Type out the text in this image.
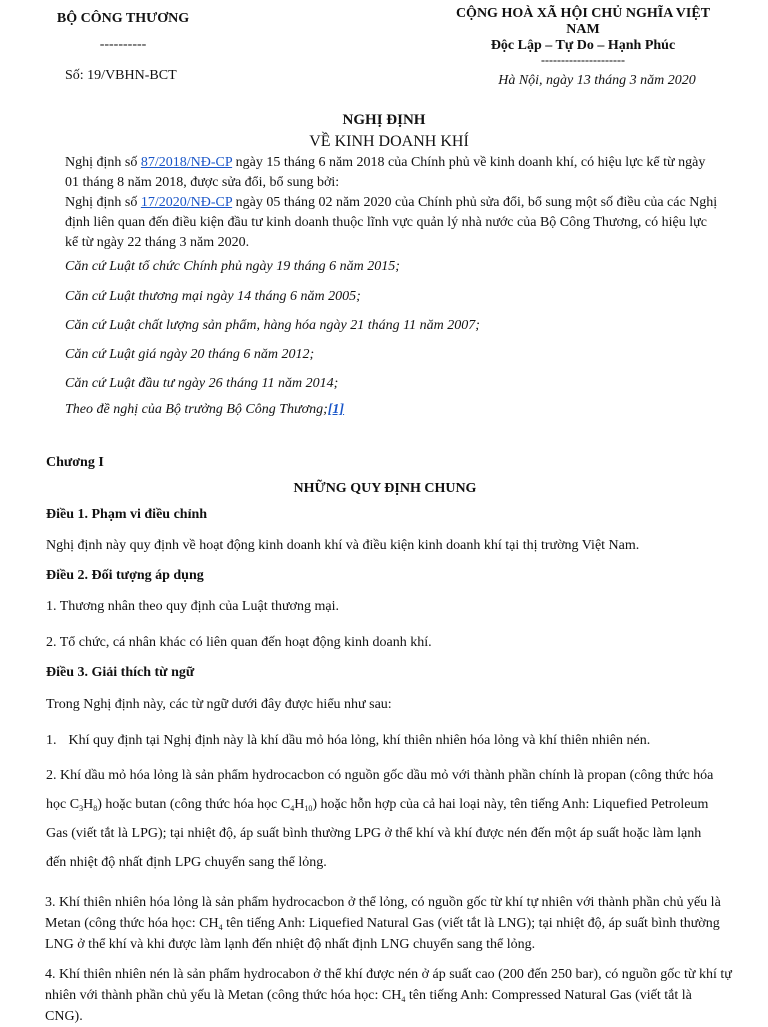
BỘ CÔNG THƯƠNG
----------
Số: 19/VBHN-BCT
CỘNG HOÀ XÃ HỘI CHỦ NGHĨA VIỆT
NAM
Độc Lập – Tự Do – Hạnh Phúc
---------------------
Hà Nội, ngày 13 tháng 3 năm 2020
NGHỊ ĐỊNH
VỀ KINH DOANH KHÍ
Nghị định số 87/2018/NĐ-CP ngày 15 tháng 6 năm 2018 của Chính phủ về kinh doanh khí, có hiệu lực kể từ ngày 01 tháng 8 năm 2018, được sửa đổi, bổ sung bởi:
Nghị định số 17/2020/NĐ-CP ngày 05 tháng 02 năm 2020 của Chính phủ sửa đổi, bổ sung một số điều của các Nghị định liên quan đến điều kiện đầu tư kinh doanh thuộc lĩnh vực quản lý nhà nước của Bộ Công Thương, có hiệu lực kể từ ngày 22 tháng 3 năm 2020.
Căn cứ Luật tổ chức Chính phủ ngày 19 tháng 6 năm 2015;
Căn cứ Luật thương mại ngày 14 tháng 6 năm 2005;
Căn cứ Luật chất lượng sản phẩm, hàng hóa ngày 21 tháng 11 năm 2007;
Căn cứ Luật giá ngày 20 tháng 6 năm 2012;
Căn cứ Luật đầu tư ngày 26 tháng 11 năm 2014;
Theo đề nghị của Bộ trưởng Bộ Công Thương;[1]
Chương I
NHỮNG QUY ĐỊNH CHUNG
Điều 1. Phạm vi điều chỉnh
Nghị định này quy định về hoạt động kinh doanh khí và điều kiện kinh doanh khí tại thị trường Việt Nam.
Điều 2. Đối tượng áp dụng
1. Thương nhân theo quy định của Luật thương mại.
2. Tổ chức, cá nhân khác có liên quan đến hoạt động kinh doanh khí.
Điều 3. Giải thích từ ngữ
Trong Nghị định này, các từ ngữ dưới đây được hiểu như sau:
1. Khí quy định tại Nghị định này là khí dầu mỏ hóa lỏng, khí thiên nhiên hóa lỏng và khí thiên nhiên nén.
2. Khí dầu mỏ hóa lỏng là sản phẩm hydrocacbon có nguồn gốc dầu mỏ với thành phần chính là propan (công thức hóa học $C_3H_8$) hoặc butan (công thức hóa học $C_4H_{10}$) hoặc hỗn hợp của cả hai loại này, tên tiếng Anh: Liquefied Petroleum Gas (viết tắt là LPG); tại nhiệt độ, áp suất bình thường LPG ở thể khí và khí được nén đến một áp suất hoặc làm lạnh đến nhiệt độ nhất định LPG chuyển sang thể lỏng.
3. Khí thiên nhiên hóa lỏng là sản phẩm hydrocacbon ở thể lỏng, có nguồn gốc từ khí tự nhiên với thành phần chủ yếu là Metan (công thức hóa học: $CH_4$ tên tiếng Anh: Liquefied Natural Gas (viết tắt là LNG); tại nhiệt độ, áp suất bình thường LNG ở thể khí và khi được làm lạnh đến nhiệt độ nhất định LNG chuyển sang thể lỏng.
4. Khí thiên nhiên nén là sản phẩm hydrocabon ở thể khí được nén ở áp suất cao (200 đến 250 bar), có nguồn gốc từ khí tự nhiên với thành phần chủ yếu là Metan (công thức hóa học: $CH_4$ tên tiếng Anh: Compressed Natural Gas (viết tắt là CNG).
